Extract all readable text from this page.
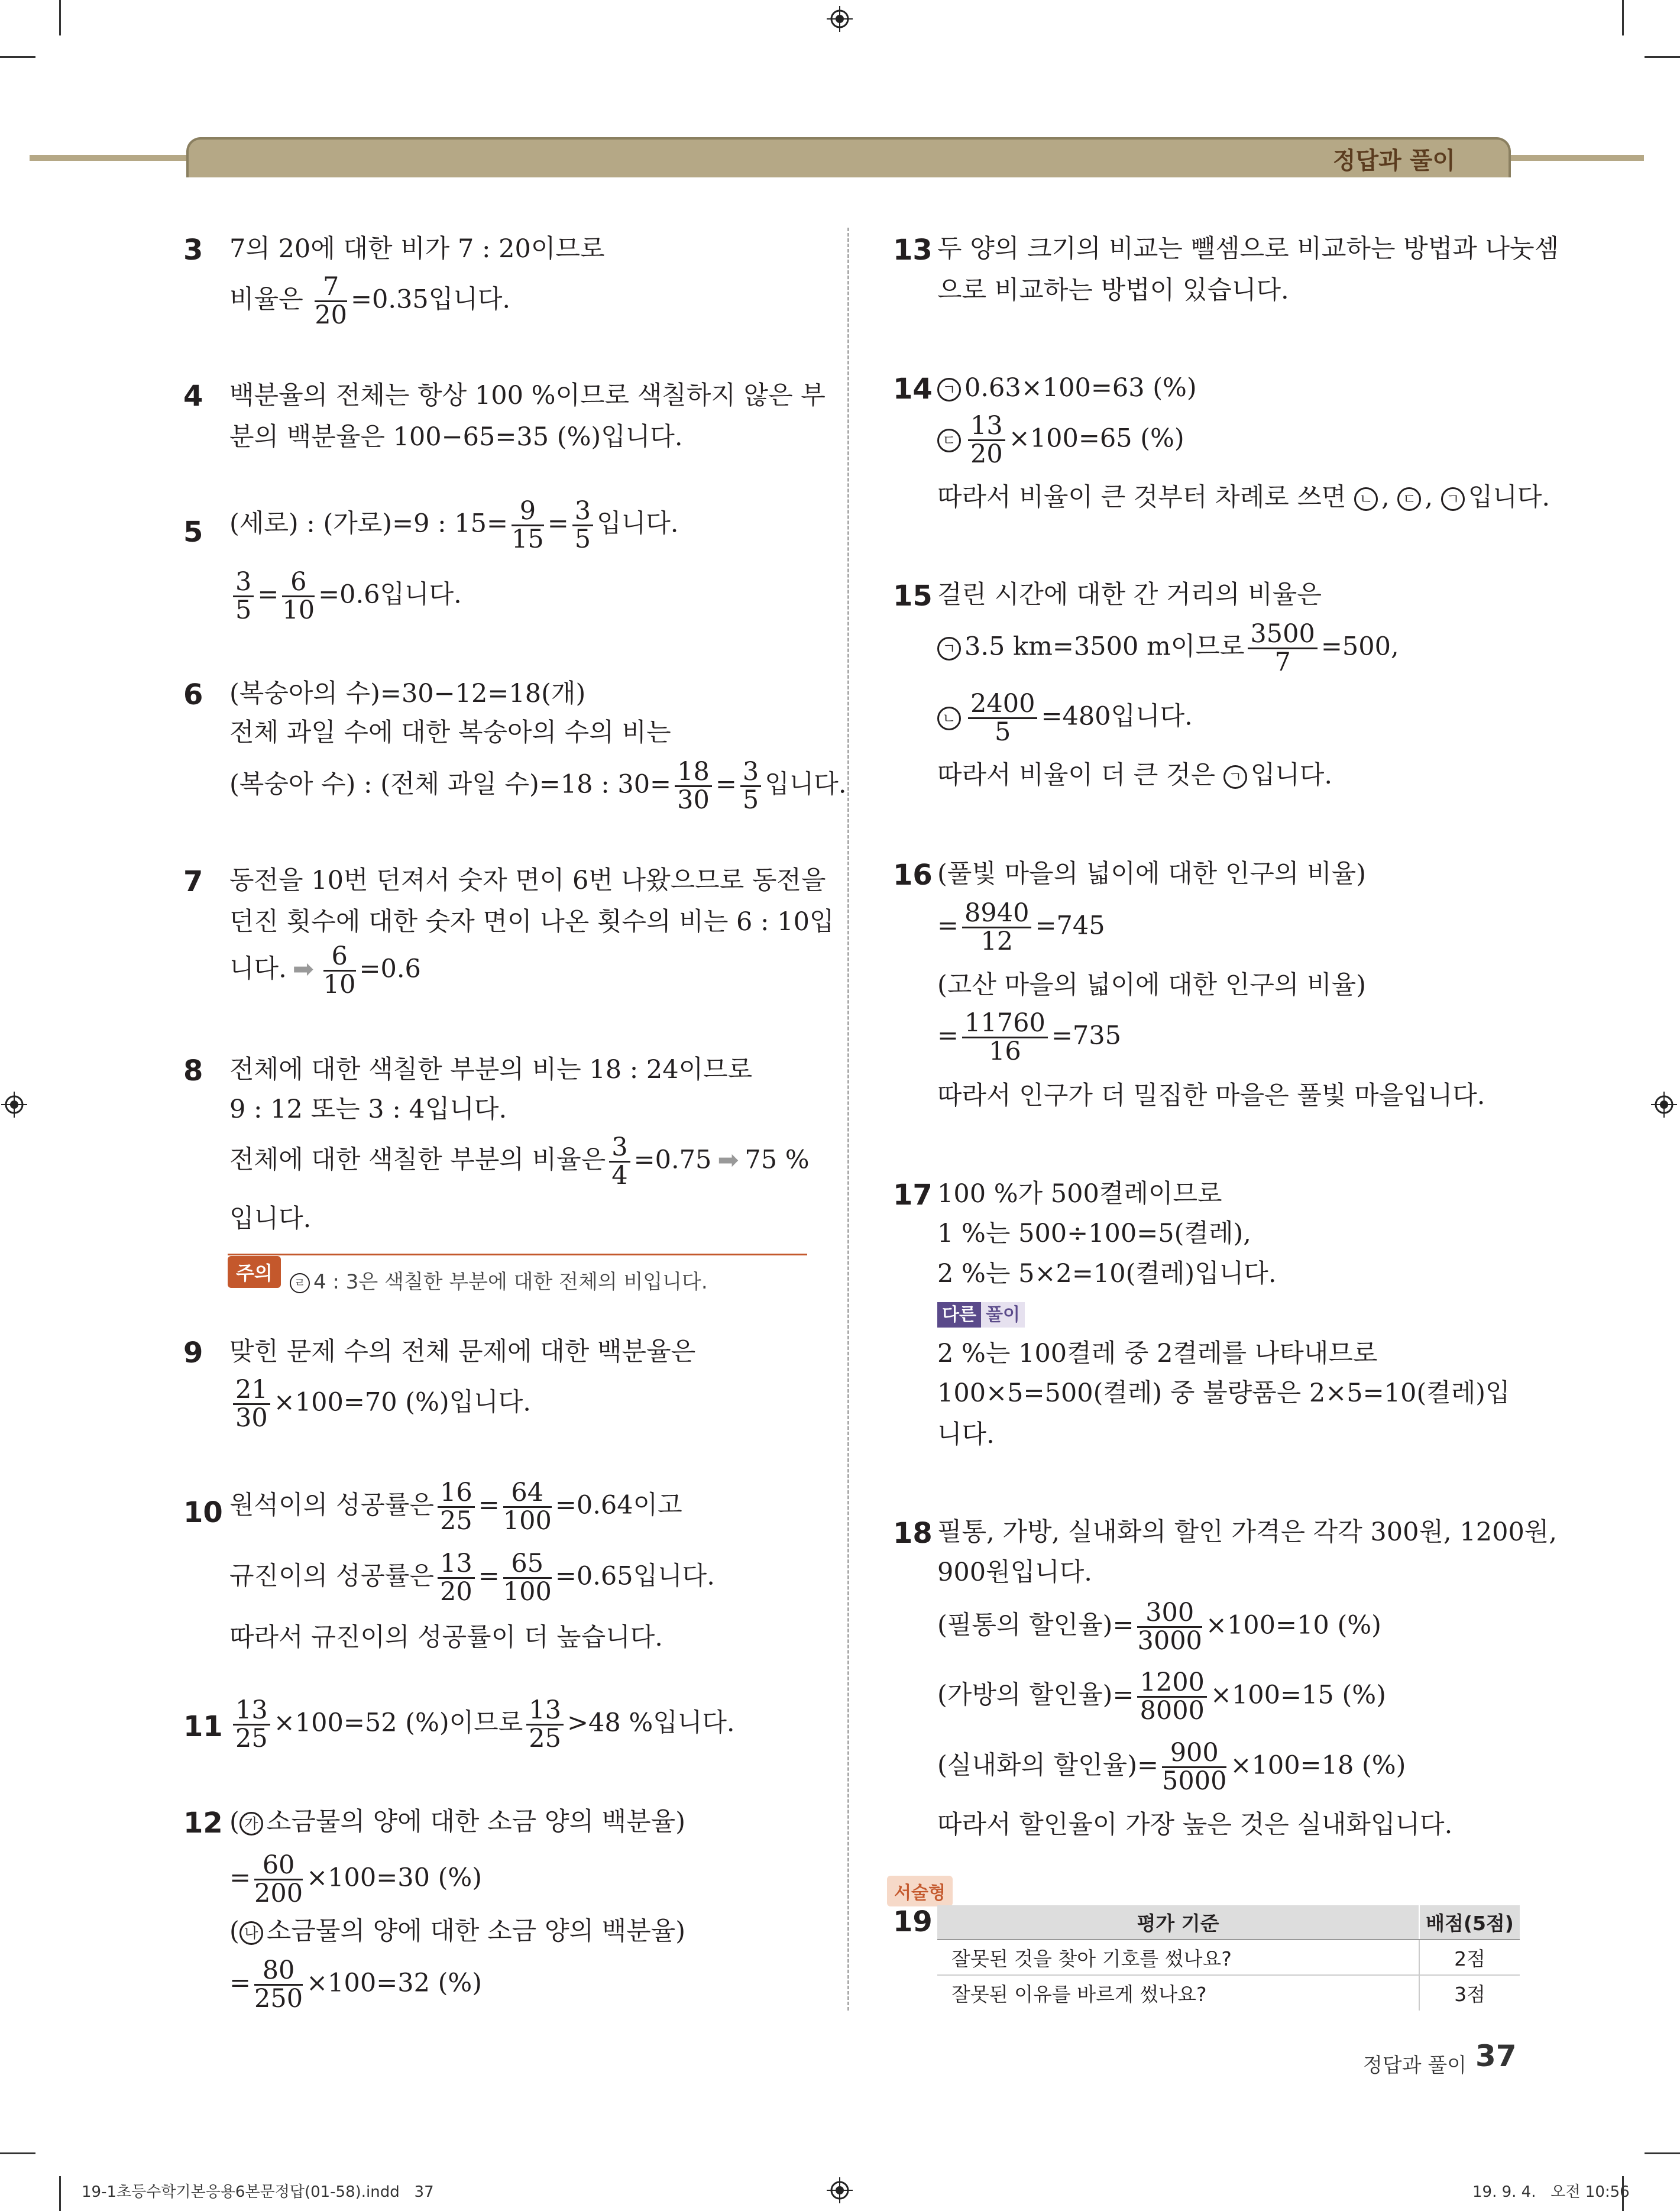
정답과 풀이
3 7의 20에 대한 비가 7 : 20이므로
비율은 $\frac{7}{20} =0.35$입니다.
4 백분율의 전체는 항상 100 %이므로 색칠하지 않은 부
분의 백분율은 100−65=35 (%)입니다.
5 (세로) : (가로)=9 : $15= \frac{9}{15} = \frac{3}{5}$ 입니다.
$\frac{3}{5} = \frac{6}{10} =0.6$입니다.
6 (복숭아의 수)=30−12=18(개)
전체 과일 수에 대한 복숭아의 수의 비는
(복숭아 수) : (전체 과일 수)=18 : $30= \frac{18}{30} = \frac{3}{5}$ 입니다.
7 동전을 10번 던져서 숫자 면이 6번 나왔으므로 동전을
던진 횟수에 대한 숫자 면이 나온 횟수의 비는 6 : 10입
니다. ➡ $\frac{6}{10} =0.6$
8 전체에 대한 색칠한 부분의 비는 18 : 24이므로
9 : 12 또는 3 : 4입니다.
전체에 대한 색칠한 부분의 비율은 $\frac{3}{4} =0.75$ ➡ 75 %
입니다.
주의	ㄹ 4 : 3은 색칠한 부분에 대한 전체의 비입니다.
9 맞힌 문제 수의 전체 문제에 대한 백분율은
$\frac{21}{30} \times 100=70$ (%)입니다.
10 원석이의 성공률은 $\frac{16}{25} = \frac{64}{100} =0.64$이고
규진이의 성공률은 $\frac{13}{20} = \frac{65}{100} =0.65$입니다.
따라서 규진이의 성공률이 더 높습니다.
$11 \frac{13}{25} \times 100=52$ (%)이므로 $\frac{13}{25} >48$ %입니다.
12 ( 가 소금물의 양에 대한 소금 양의 백분율)
= $\frac{60}{200} \times 100=30$ (%)
( 나 소금물의 양에 대한 소금 양의 백분율)
= $\frac{80}{250} \times 100=32$ (%)
13 두 양의 크기의 비교는 뺄셈으로 비교하는 방법과 나눗셈
으로 비교하는 방법이 있습니다.
14 ㄱ 0.63×100=63 (%)
ㄷ $\frac{13}{20} \times 100=65$ (%)
따라서 비율이 큰 것부터 차례로 쓰면 ㄴ , ㄷ , ㄱ 입니다.
15 걸린 시간에 대한 간 거리의 비율은
ㄱ 3.5 km=3500 m이므로 $\frac{3500}{7} =500$,
ㄴ $\frac{2400}{5} =480$입니다.
따라서 비율이 더 큰 것은 ㄱ 입니다.
16 (풀빛 마을의 넓이에 대한 인구의 비율)
= $\frac{8940}{12} =745$
(고산 마을의 넓이에 대한 인구의 비율)
= $\frac{11760}{16} =735$
따라서 인구가 더 밀집한 마을은 풀빛 마을입니다.
17 100 %가 500켤레이므로
1 %는 500÷100=5(켤레),
2 %는 5×2=10(켤레)입니다.
다른 풀이
2 %는 100켤레 중 2켤레를 나타내므로
100×5=500(켤레) 중 불량품은 2×5=10(켤레)입
니다.
18 필통, 가방, 실내화의 할인 가격은 각각 300원, 1200원,
900원입니다.
(필통의 할인율)= $\frac{300}{3000} \times 100=10$ (%)
(가방의 할인율)= $\frac{1200}{8000} \times 100=15$ (%)
(실내화의 할인율)= $\frac{900}{5000} \times 100=18$ (%)
따라서 할인율이 가장 높은 것은 실내화입니다.
서술형
19	평가 기준	배점(5점)
잘못된 것을 찾아 기호를 썼나요?	2점
잘못된 이유를 바르게 썼나요?	3점
정답과 풀이 37
19-1초등수학기본응용6본문정답(01-58).indd   37	19. 9. 4.   오전 10:56
